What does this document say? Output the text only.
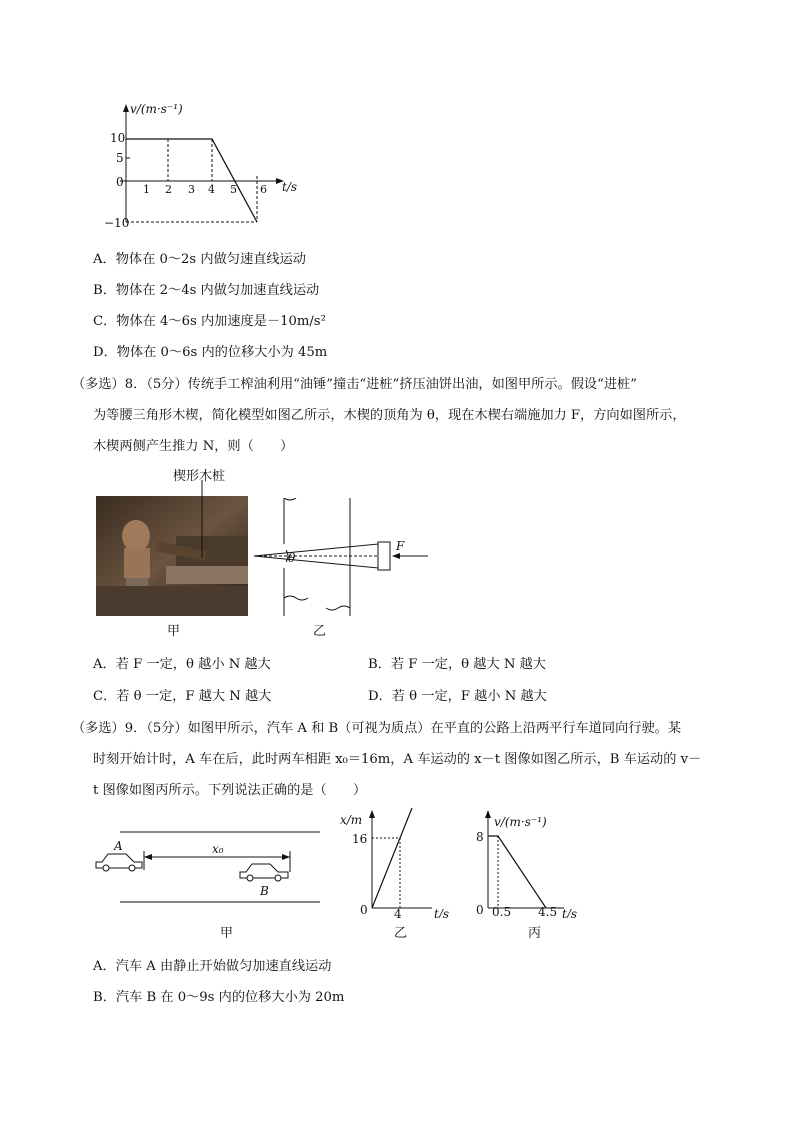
v/(m·s⁻¹)
t/s
10
5
0
−10
1 2 3 4 5 6
A．物体在 0～2s 内做匀速直线运动
B．物体在 2～4s 内做匀加速直线运动
C．物体在 4～6s 内加速度是－10m/s²
D．物体在 0～6s 内的位移大小为 45m
（多选）8．（5分）传统手工榨油利用“油锤”撞击“进桩”挤压油饼出油，如图甲所示。假设“进桩”
为等腰三角形木楔，简化模型如图乙所示，木楔的顶角为 θ，现在木楔右端施加力 F，方向如图所示，
木楔两侧产生推力 N，则（　　）
楔形木桩
甲
θ
F
乙
A．若 F 一定，θ 越小 N 越大	B．若 F 一定，θ 越大 N 越大
C．若 θ 一定，F 越大 N 越大	D．若 θ 一定，F 越小 N 越大
（多选）9．（5分）如图甲所示，汽车 A 和 B（可视为质点）在平直的公路上沿两平行车道同向行驶。某
时刻开始计时，A 车在后，此时两车相距 x₀＝16m，A 车运动的 x－t 图像如图乙所示，B 车运动的 v－
t 图像如图丙所示。下列说法正确的是（　　）
A
B
x₀
甲
x/m
16
0 4	t/s
乙
v/(m·s⁻¹)
8
0 0.5 4.5 t/s
丙
A．汽车 A 由静止开始做匀加速直线运动
B．汽车 B 在 0～9s 内的位移大小为 20m
